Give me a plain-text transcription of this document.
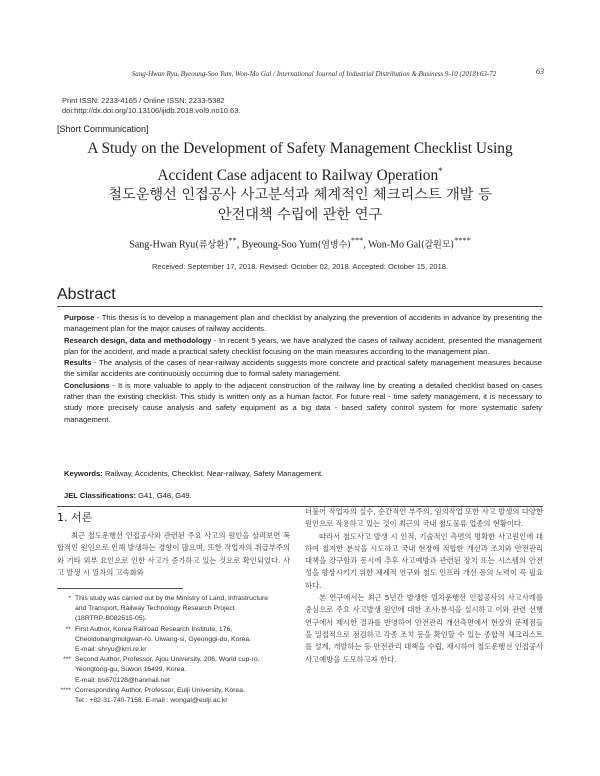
Sang-Hwan Ryu, Byeoung-Soo Yum, Won-Mo Gal / International Journal of Industrial Distribution & Business 9-10 (2018) 63-72	63
Print ISSN: 2233-4165 / Online ISSN: 2233-5382
doi:http://dx.doi.org/10.13106/ijidb.2018.vol9.no10.63.
[Short Communication]
A Study on the Development of Safety Management Checklist Using
Accident Case adjacent to Railway Operation*
철도운행선 인접공사 사고분석과 체계적인 체크리스트 개발 등
안전대책 수립에 관한 연구
Sang-Hwan Ryu(류상환)**, Byeoung-Soo Yum(염병수)***, Won-Mo Gal(갈원모)****
Received: September 17, 2018. Revised: October 02, 2018. Accepted: October 15, 2018.
Abstract

Purpose - This thesis is to develop a management plan and checklist by analyzing the prevention of accidents in advance by presenting the management plan for the major causes of railway accidents.

Research design, data and methodology - In recent 5 years, we have analyzed the cases of railway accident, presented the management plan for the accident, and made a practical safety checklist focusing on the main measures according to the management plan.

Results - The analysis of the cases of near-railway accidents suggests more concrete and practical safety management measures because the similar accidents are continuously occurring due to formal safety management.

Conclusions - It is more valuable to apply to the adjacent construction of the railway line by creating a detailed checklist based on cases rather than the existing checklist. This study is written only as a human factor. For future real - time safety management, it is necessary to study more precisely cause analysis and safety equipment as a big data - based safety control system for more systematic safety management.

Keywords: Railway, Accidents, Checklist, Near-railway, Safety Management.
JEL Classifications: G41, G48, G49.
1. 서론

최근 철도운행선 인접공사와 관련된 주요 사고의 원인을 살펴보면 복합적인 원인으로 인해 발생하는 경향이 많으며, 또한 작업자의 취급부주의와 기타 외부 요인으로 인한 사고가 증가하고 있는 것으로 확인되었다. 사고 발생 시 열차의 고속화와

더불어 작업자의 실수, 순간적인 부주의, 임의작업 또한 사고 발생의 다양한 원인으로 작용하고 있는 것이 최근의 국내 철도물류 업종의 현황이다.

따라서 철도사고 발생 시 인적, 기술적인 측면의 명확한 사고원인에 대하여 철저한 분석을 시도하고 국내 현장에 적합한 개선과 조치와 안전관리 대책을 강구함과 동시에 추후 사고예방과 관련된 장치 또는 시스템의 안전성을 향상시키기 위한 체계적 연구와 철도 인프라 개선 등의 노력이 꼭 필요하다.

본 연구에서는 최근 5년간 발생한 열차운행선 인접공사의 사고사례를 중심으로 주요 사고발생 원인에 대한 조사·분석을 실시하고 이와 관련 선행 연구에서 제시한 결과를 반영하여 안전관리 개선측면에서 현장의 문제점들을 밀접적으로 점검하고 각종 조치 등을 확인할 수 있는 종합적 체크리스트를 설계, 개발하는 등 안전관리 대책을 수립, 제시하여 철도운행선 인접공사 사고예방을 도모하고자 한다.

* This study was carried out by the Ministry of Land, Infrastructure
and Transport, Railway Technology Research Project
(18RTRP-B082515-05).
** First Author, Korea Railroad Research Institute, 176,
Cheoldobangmulgwan-ro, Uiwang-si, Gyeonggi-do, Korea.
E-mail: shryu@krri.re.kr
*** Second Author, Professor, Ajou University, 206, World cup-ro,
Yeongtong-gu, Suwon 16499, Korea.
E-mail: bs670128@hanmail.net
**** Corresponding Author, Professor, Eulji University, Korea.
Tel : +82-31-740-7158. E-mail : wongal@eulji.ac.kr
